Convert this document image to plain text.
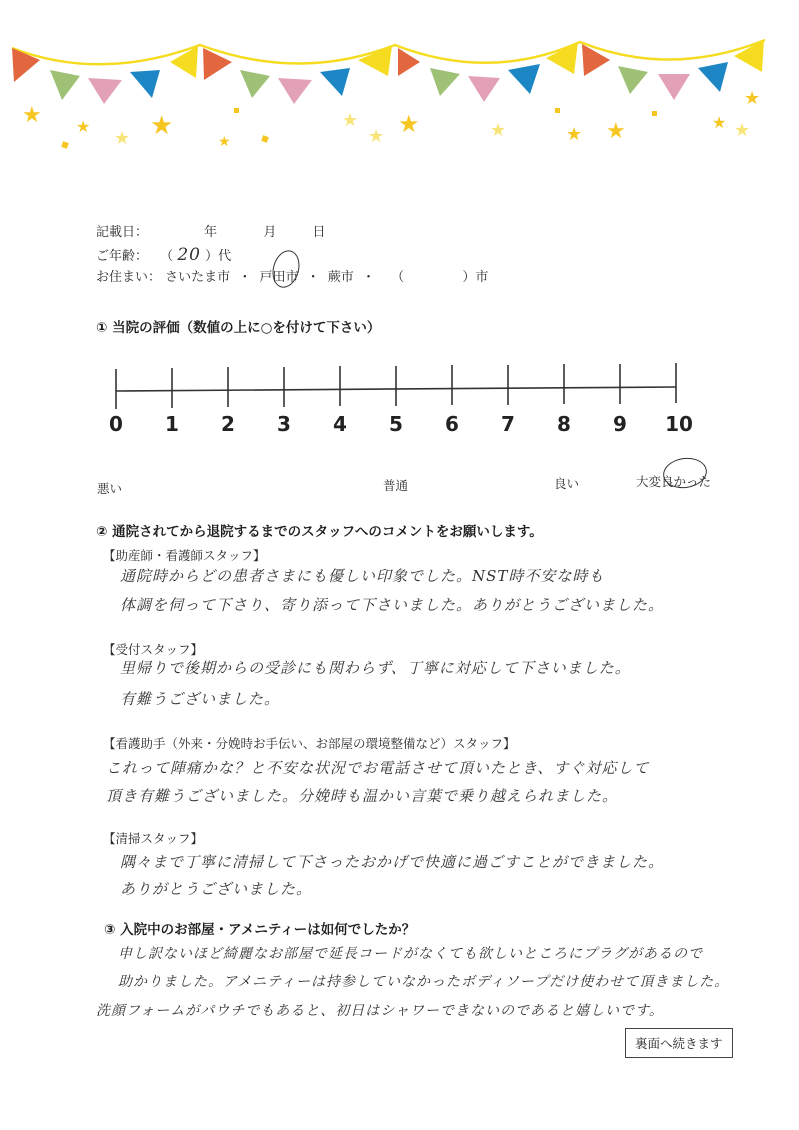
★ ★ ★
★
★	★ ★	★
★
★
★
★	★	★
記載日：	年	月	日
ご年齢： （ 20 ）代
お住まい： さいたま市 ・ 戸田市 ・ 蕨市 ・ （	）市
① 当院の評価（数値の上に○を付けて下さい）
0	1	2	3	4	5	6	7	8	9	10
悪い	普通	良い	大変良かった
② 通院されてから退院するまでのスタッフへのコメントをお願いします。
【助産師・看護師スタッフ】
通院時からどの患者さまにも優しい印象でした。NST時不安な時も
体調を伺って下さり、寄り添って下さいました。ありがとうございました。
【受付スタッフ】
里帰りで後期からの受診にも関わらず、丁寧に対応して下さいました。
有難うございました。
【看護助手（外来・分娩時お手伝い、お部屋の環境整備など）スタッフ】
これって陣痛かな？と不安な状況でお電話させて頂いたとき、すぐ対応して
頂き有難うございました。分娩時も温かい言葉で乗り越えられました。
【清掃スタッフ】
隅々まで丁寧に清掃して下さったおかげで快適に過ごすことができました。
ありがとうございました。
③ 入院中のお部屋・アメニティーは如何でしたか？
申し訳ないほど綺麗なお部屋で延長コードがなくても欲しいところにプラグがあるので
助かりました。アメニティーは持参していなかったボディソープだけ使わせて頂きました。
洗顔フォームがパウチでもあると、初日はシャワーできないのであると嬉しいです。
裏面へ続きます
